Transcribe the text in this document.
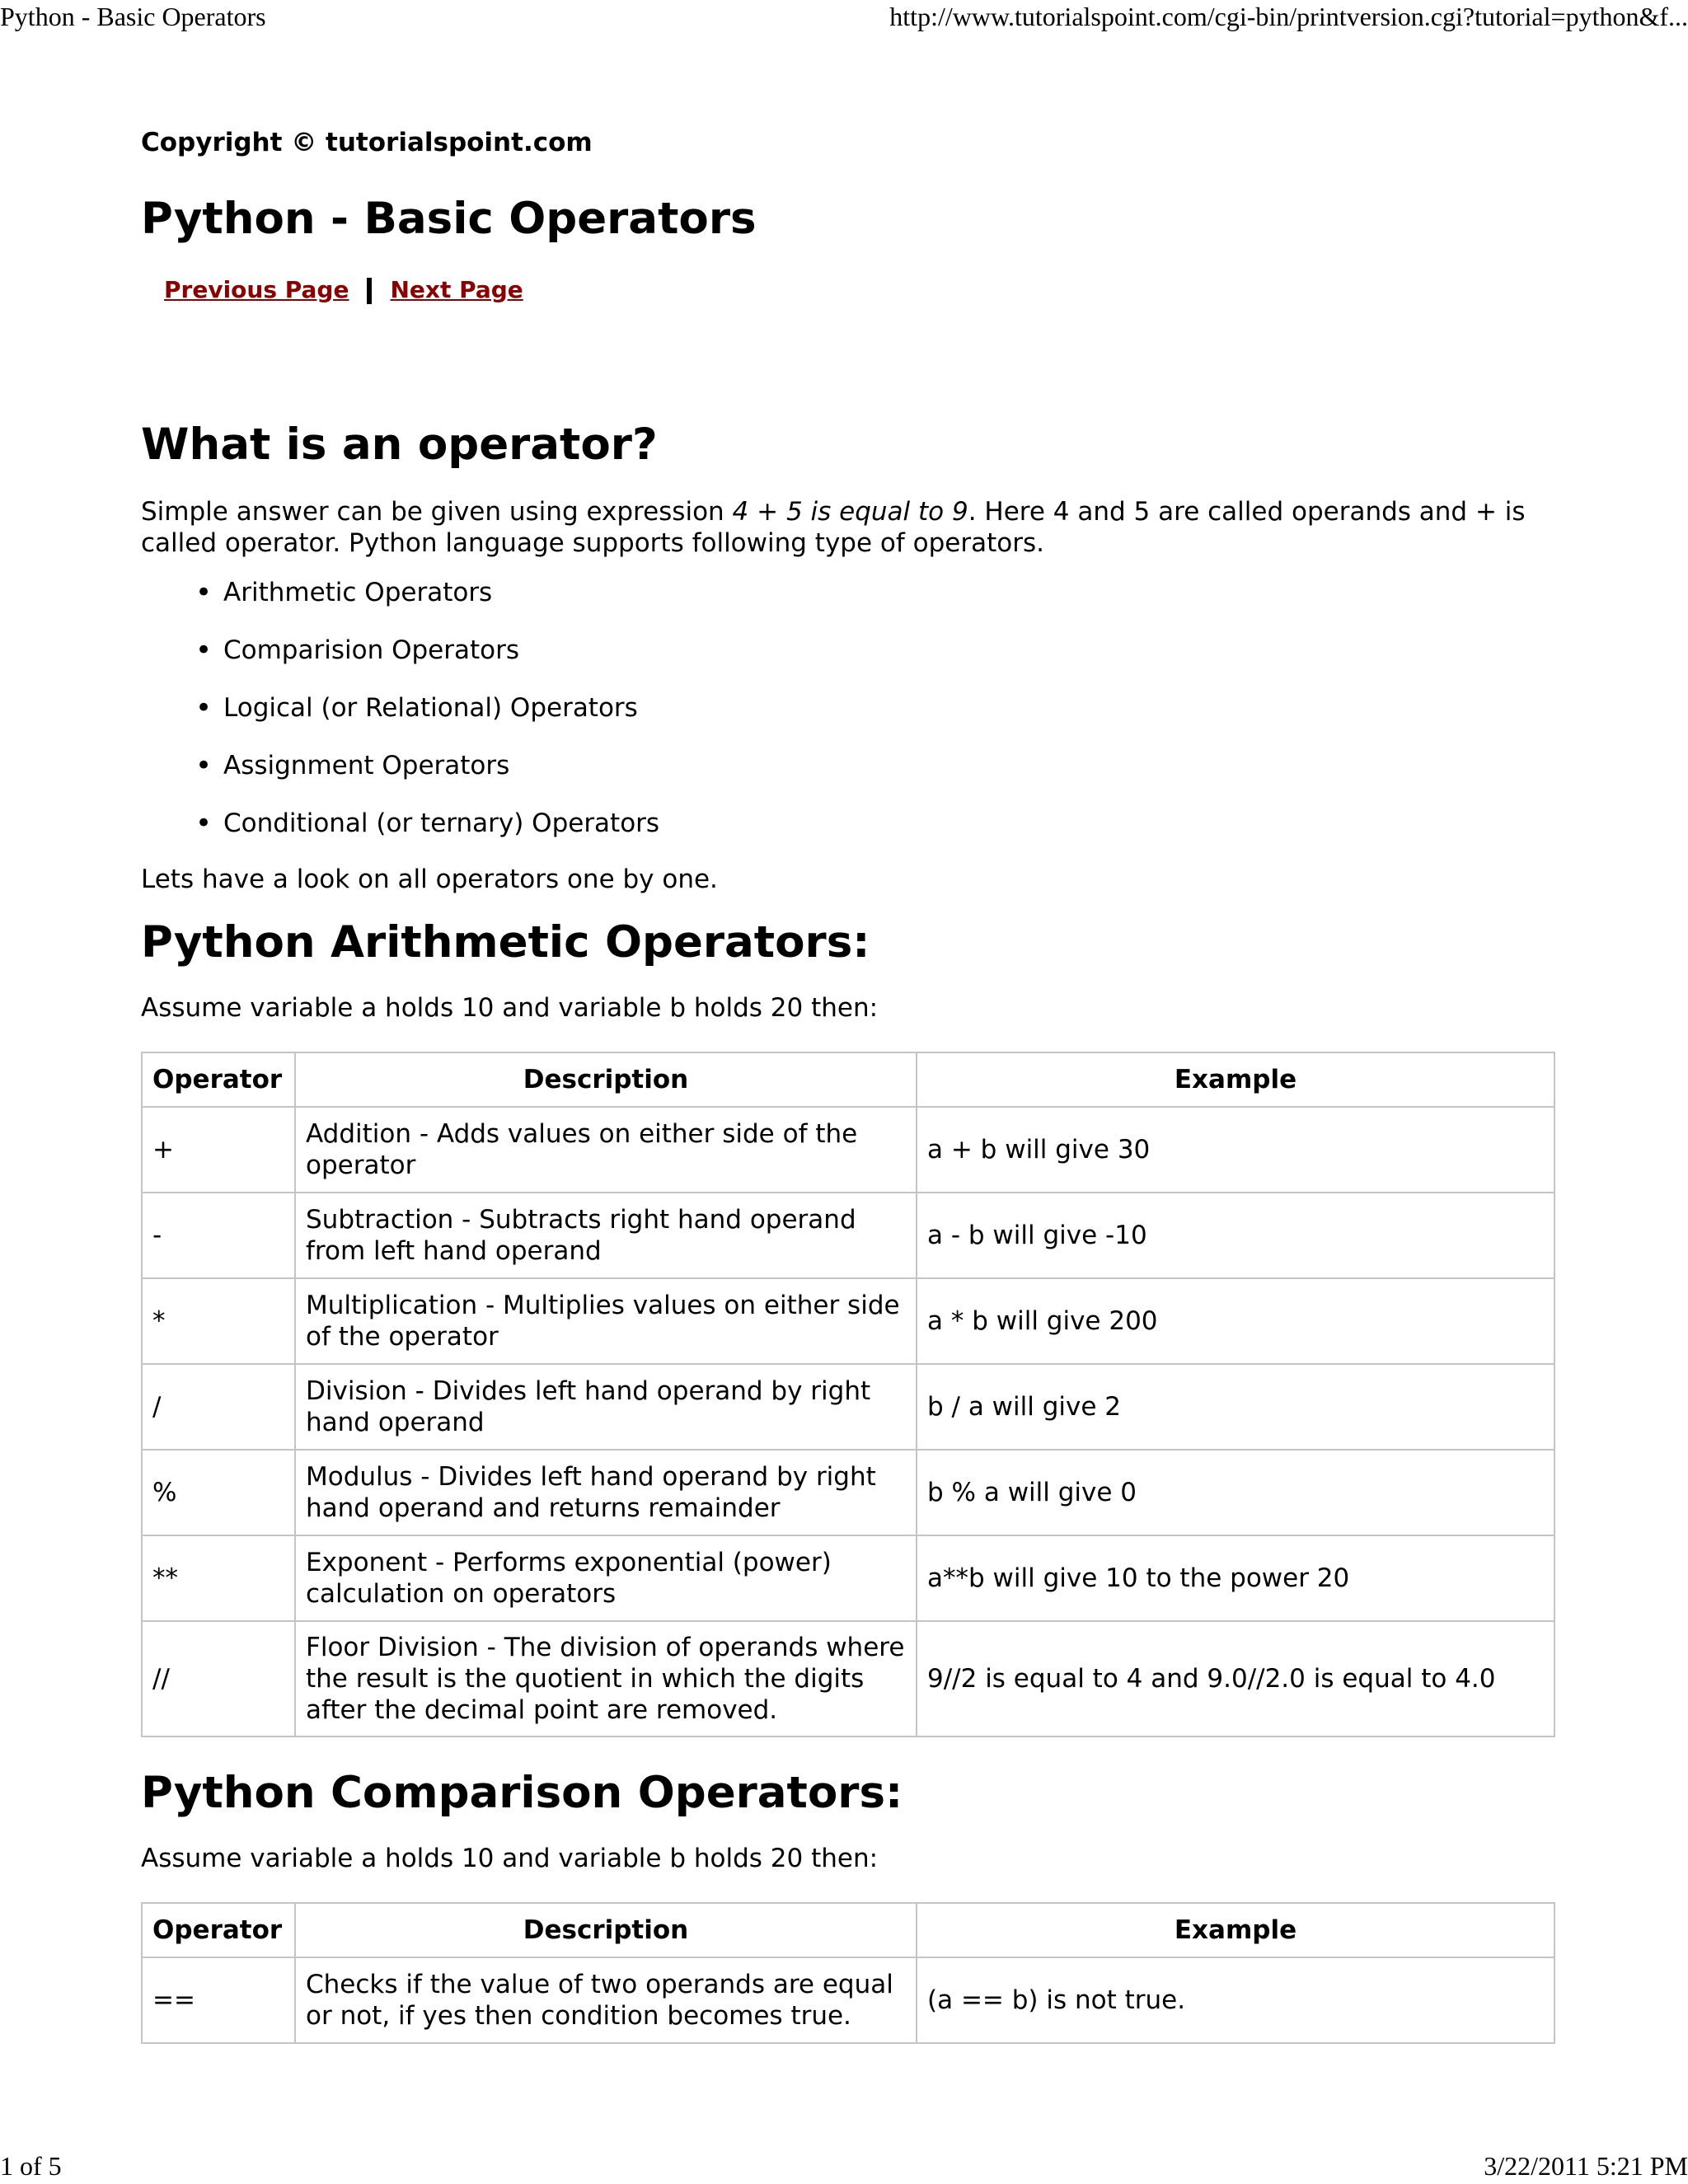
Python - Basic Operators	http://www.tutorialspoint.com/cgi-bin/printversion.cgi?tutorial=python&f...

Copyright © tutorialspoint.com

Python - Basic Operators
Previous Page Next Page
What is an operator?

Simple answer can be given using expression 4 + 5 is equal to 9. Here 4 and 5 are called operands and + is called operator. Python language supports following type of operators.

• Arithmetic Operators
• Comparision Operators
• Logical (or Relational) Operators
• Assignment Operators
• Conditional (or ternary) Operators

Lets have a look on all operators one by one.

Python Arithmetic Operators:

Assume variable a holds 10 and variable b holds 20 then:

Operator	Description	Example
+	Addition - Adds values on either side of the operator	a + b will give 30
-	Subtraction - Subtracts right hand operand from left hand operand	a - b will give -10
*	Multiplication - Multiplies values on either side of the operator	a * b will give 200
/	Division - Divides left hand operand by right hand operand	b / a will give 2
%	Modulus - Divides left hand operand by right hand operand and returns remainder	b % a will give 0
**	Exponent - Performs exponential (power) calculation on operators	a**b will give 10 to the power 20
//	Floor Division - The division of operands where the result is the quotient in which the digits after the decimal point are removed.	9//2 is equal to 4 and 9.0//2.0 is equal to 4.0
Python Comparison Operators:

Assume variable a holds 10 and variable b holds 20 then:

Operator	Description	Example
==	Checks if the value of two operands are equal or not, if yes then condition becomes true.	(a == b) is not true.
1 of 5	3/22/2011 5:21 PM
